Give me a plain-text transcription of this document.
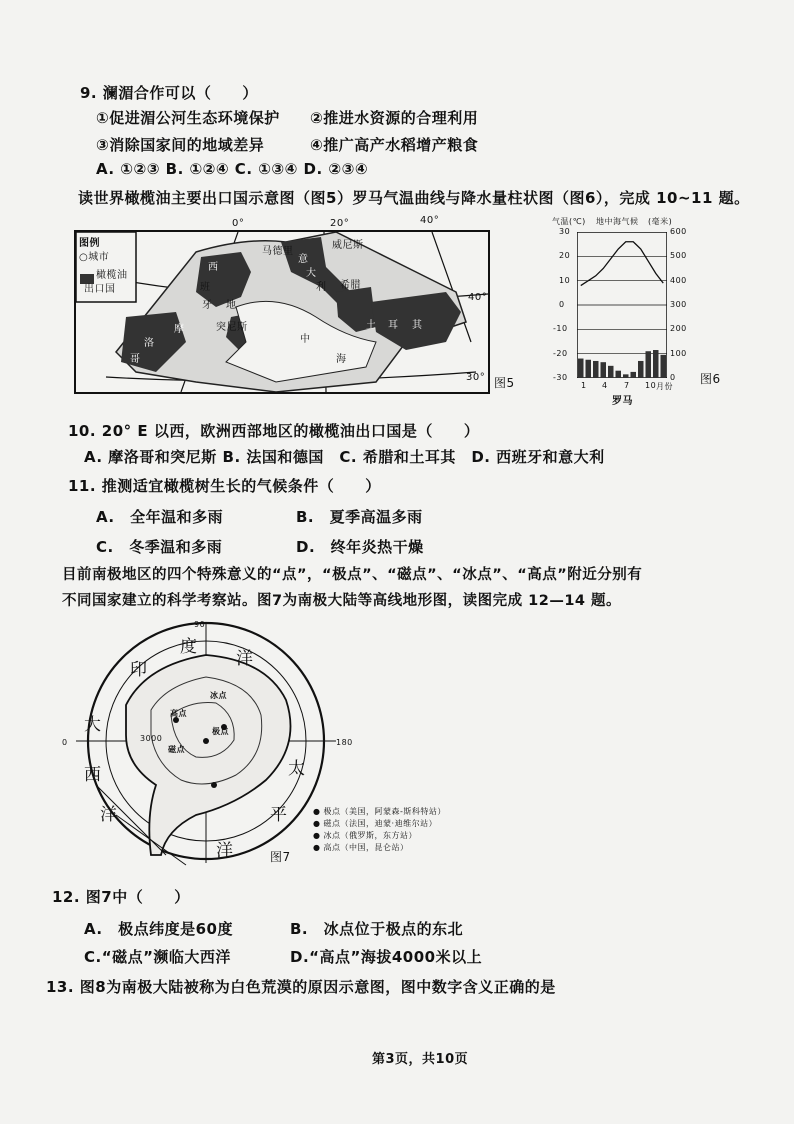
9. 澜湄合作可以（　　）
①促进湄公河生态环境保护 ②推进水资源的合理利用
③消除国家间的地域差异	④推广高产水稻增产粮食
A. ①②③ B. ①②④ C. ①③④ D. ②③④
读世界橄榄油主要出口国示意图（图5）罗马气温曲线与降水量柱状图（图6），完成 10~11 题。
图例
○城市
橄榄油
出口国
0°	20°	40°
40°
30°
马德里
威尼斯
西
班
牙
意
大
利
地
中
海
突尼斯
摩
洛
哥
希腊
土 耳 其
图5
气温(℃) 地中海气候 (毫米)
1 4 7 10 月份
罗马
图6
10. 20° E 以西，欧洲西部地区的橄榄油出口国是（　　）
A. 摩洛哥和突尼斯 B. 法国和德国　C. 希腊和土耳其　D. 西班牙和意大利
11. 推测适宜橄榄树生长的气候条件（　　）
A.　全年温和多雨	B.　夏季高温多雨
C.　冬季温和多雨	D.　终年炎热干燥
目前南极地区的四个特殊意义的“点”，“极点”、“磁点”、“冰点”、“高点”附近分别有
不同国家建立的科学考察站。图7为南极大陆等高线地形图，读图完成 12—14 题。
90
0	180
印
度
洋
大
西
洋
太
平
洋
高点
极点
磁点
冰点
3000
● 极点（美国，阿蒙森-斯科特站）
● 磁点（法国，迪蒙·迪维尔站）
● 冰点（俄罗斯，东方站）
● 高点（中国，昆仑站）
图7
12. 图7中（　　）
A.　极点纬度是60度	B.　冰点位于极点的东北
C.“磁点”濒临大西洋	D.“高点”海拔4000米以上
13. 图8为南极大陆被称为白色荒漠的原因示意图，图中数字含义正确的是
第3页，共10页
30
20
10
0
-10
-20
-30
600
500
400
300
200
100
0
